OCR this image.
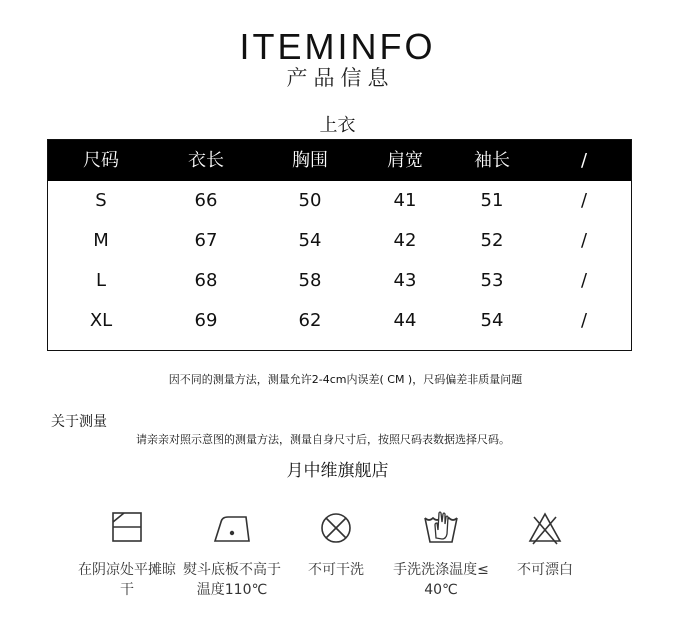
ITEMINFO
产品信息
上衣
尺码	衣长	胸围	肩宽	袖长	/
S	66	50	41	51	/
M	67	54	42	52	/
L	68	58	43	53	/
XL	69	62	44	54	/
因不同的测量方法，测量允许2-4cm内误差( CM )，尺码偏差非质量问题
关于测量
请亲亲对照示意图的测量方法，测量自身尺寸后，按照尺码表数据选择尺码。
月中维旗舰店
在阴凉处平摊晾
干
熨斗底板不高于
温度110℃
不可干洗	手洗洗涤温度≤
40℃
不可漂白
